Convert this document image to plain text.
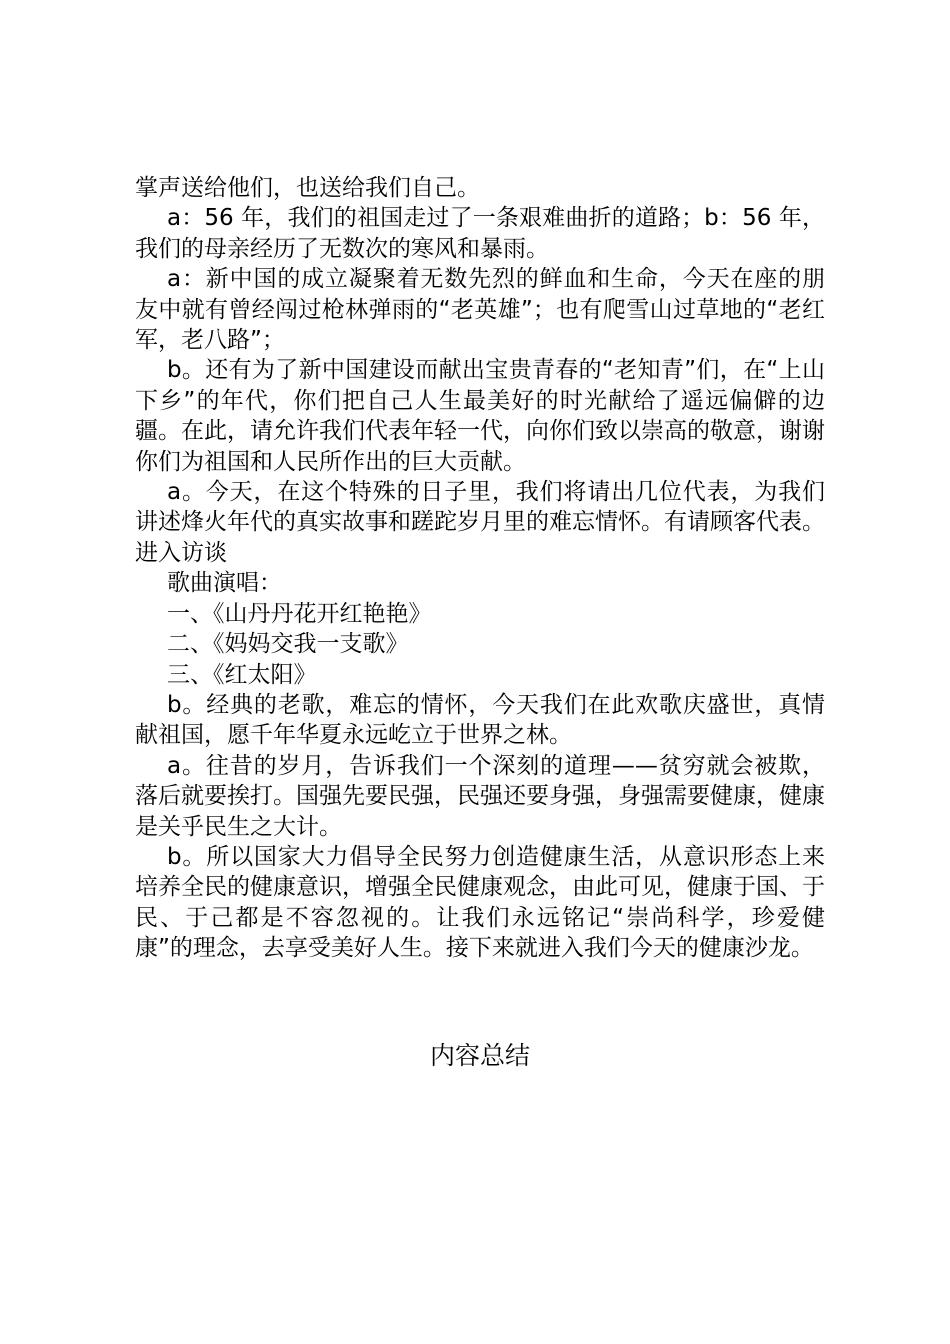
掌声送给他们，也送给我们自己。

a：56 年，我们的祖国走过了一条艰难曲折的道路；b：56 年，我们的母亲经历了无数次的寒风和暴雨。

a：新中国的成立凝聚着无数先烈的鲜血和生命，今天在座的朋友中就有曾经闯过枪林弹雨的“老英雄”；也有爬雪山过草地的“老红军，老八路”；

b。还有为了新中国建设而献出宝贵青春的“老知青”们，在“上山下乡”的年代，你们把自己人生最美好的时光献给了遥远偏僻的边疆。在此，请允许我们代表年轻一代，向你们致以崇高的敬意，谢谢你们为祖国和人民所作出的巨大贡献。

a。今天，在这个特殊的日子里，我们将请出几位代表，为我们讲述烽火年代的真实故事和蹉跎岁月里的难忘情怀。有请顾客代表。进入访谈

歌曲演唱：

一、《山丹丹花开红艳艳》

二、《妈妈交我一支歌》

三、《红太阳》

b。经典的老歌，难忘的情怀，今天我们在此欢歌庆盛世，真情献祖国，愿千年华夏永远屹立于世界之林。

a。往昔的岁月，告诉我们一个深刻的道理——贫穷就会被欺，落后就要挨打。国强先要民强，民强还要身强，身强需要健康，健康是关乎民生之大计。

b。所以国家大力倡导全民努力创造健康生活，从意识形态上来培养全民的健康意识，增强全民健康观念，由此可见，健康于国、于民、于己都是不容忽视的。让我们永远铭记“崇尚科学，珍爱健康”的理念，去享受美好人生。接下来就进入我们今天的健康沙龙。

内容总结
